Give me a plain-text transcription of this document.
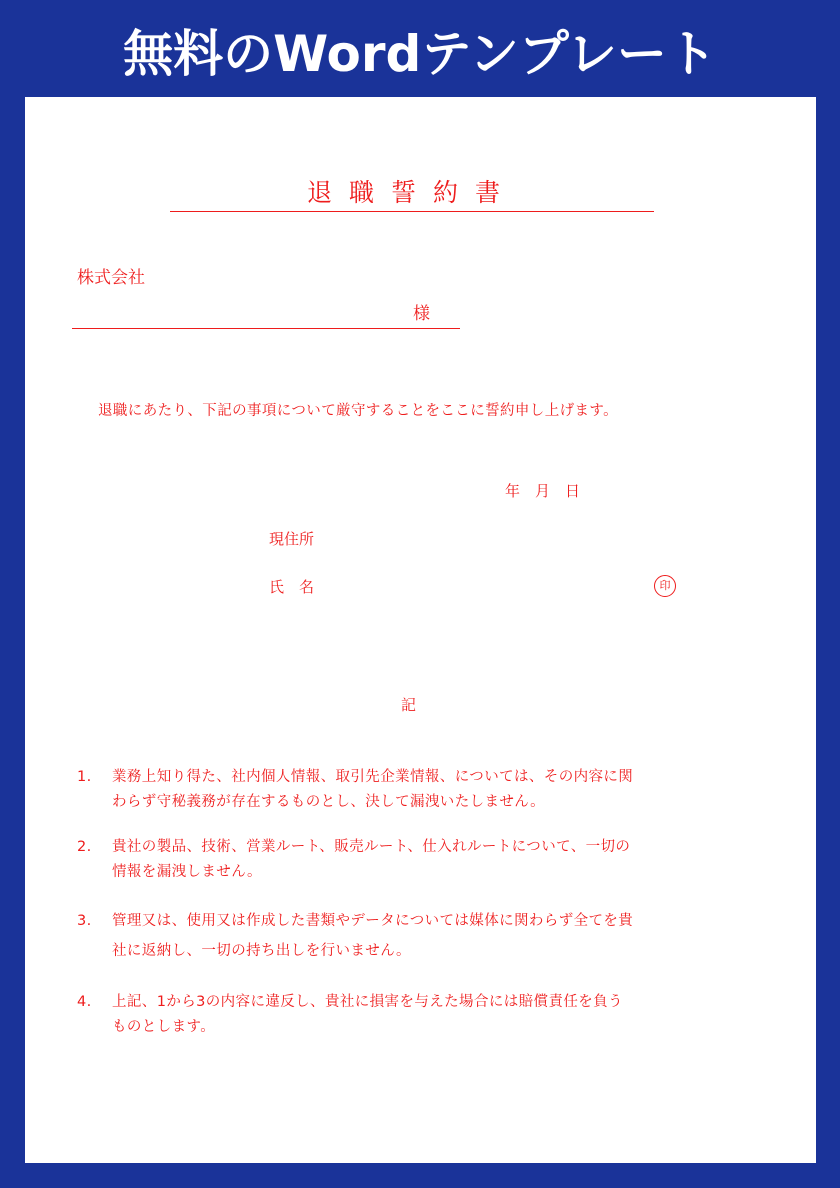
無料のWordテンプレート
退職誓約書
株式会社
様
退職にあたり、下記の事項について厳守することをここに誓約申し上げます。
年　月　日
現住所
氏　名	印
記
1. 業務上知り得た、社内個人情報、取引先企業情報、については、その内容に関
わらず守秘義務が存在するものとし、決して漏洩いたしません。
2. 貴社の製品、技術、営業ルート、販売ルート、仕入れルートについて、一切の
情報を漏洩しません。
3. 管理又は、使用又は作成した書類やデータについては媒体に関わらず全てを貴
社に返納し、一切の持ち出しを行いません。
4. 上記、1から3の内容に違反し、貴社に損害を与えた場合には賠償責任を負う
ものとします。
